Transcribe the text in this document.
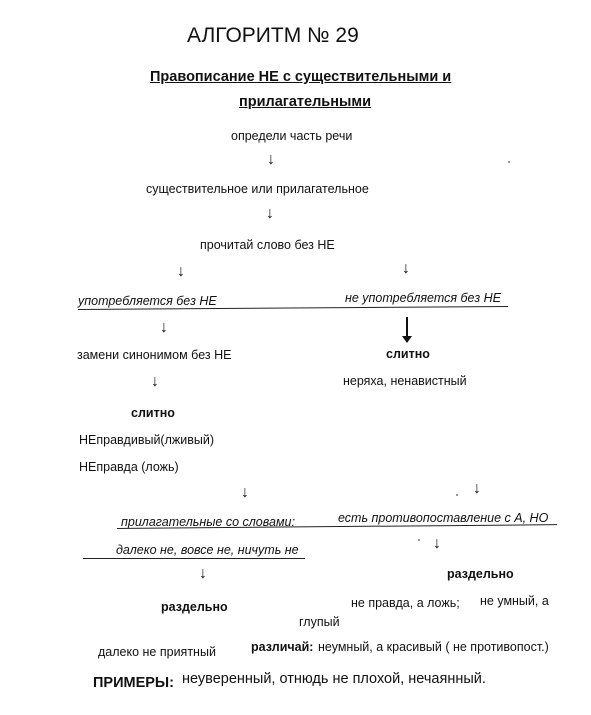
АЛГОРИТМ № 29
Правописание НЕ с существительными и
прилагательными
определи часть речи
↓
существительное или прилагательное
↓
прочитай слово без НЕ
↓	↓
употребляется без НЕ	не употребляется без НЕ
↓
слитно
замени синонимом без НЕ
неряха, ненавистный
↓
слитно
НЕправдивый(лживый)
НЕправда (ложь)
↓	↓
прилагательные со словами:	есть противопоставление с А, НО
↓
далеко не, вовсе не, ничуть не
раздельно
↓
не правда, а ложь; не умный, а
раздельно
глупый
далеко не приятный	различай: неумный, а красивый ( не противопост.)
ПРИМЕРЫ: неуверенный, отнюдь не плохой, нечаянный.
